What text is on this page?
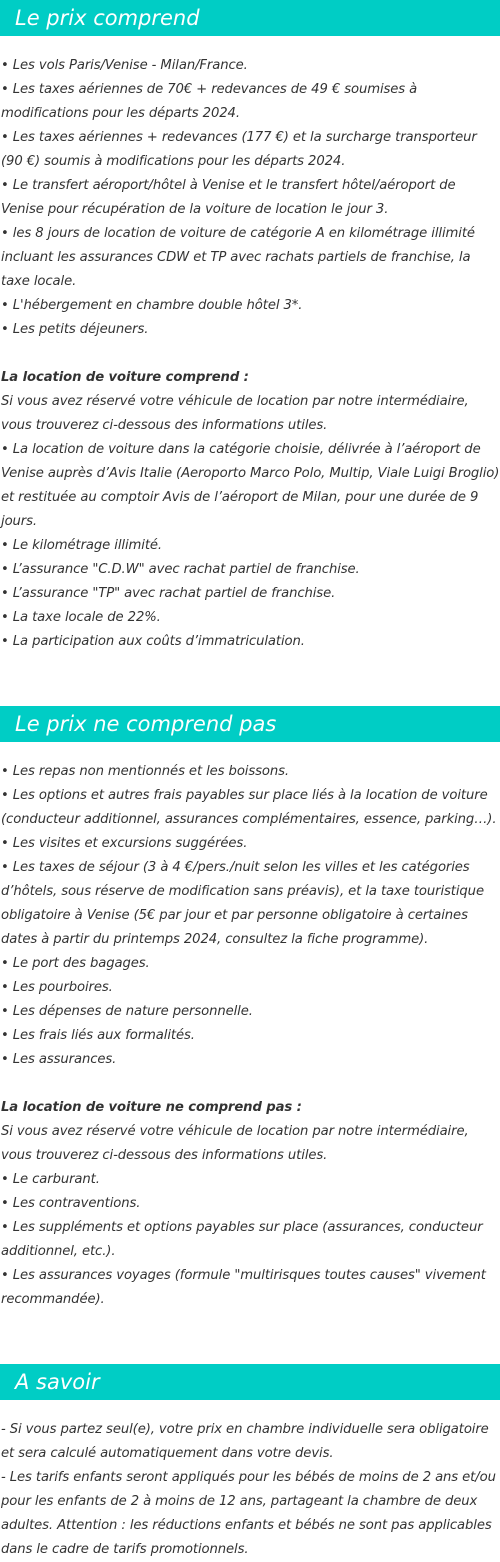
Le prix comprend
• Les vols Paris/Venise - Milan/France.
• Les taxes aériennes de 70€ + redevances de 49 € soumises à modifications pour les départs 2024.
• Les taxes aériennes + redevances (177 €) et la surcharge transporteur (90 €) soumis à modifications pour les départs 2024.
• Le transfert aéroport/hôtel à Venise et le transfert hôtel/aéroport de Venise pour récupération de la voiture de location le jour 3.
• les 8 jours de location de voiture de catégorie A en kilométrage illimité incluant les assurances CDW et TP avec rachats partiels de franchise, la taxe locale.
• L'hébergement en chambre double hôtel 3*.
• Les petits déjeuners.
La location de voiture comprend :
Si vous avez réservé votre véhicule de location par notre intermédiaire, vous trouverez ci-dessous des informations utiles.
• La location de voiture dans la catégorie choisie, délivrée à l’aéroport de Venise auprès d’Avis Italie (Aeroporto Marco Polo, Multip, Viale Luigi Broglio) et restituée au comptoir Avis de l’aéroport de Milan, pour une durée de 9 jours.
• Le kilométrage illimité.
• L’assurance "C.D.W" avec rachat partiel de franchise.
• L’assurance "TP" avec rachat partiel de franchise.
• La taxe locale de 22%.
• La participation aux coûts d’immatriculation.
Le prix ne comprend pas
• Les repas non mentionnés et les boissons.
• Les options et autres frais payables sur place liés à la location de voiture (conducteur additionnel, assurances complémentaires, essence, parking…).
• Les visites et excursions suggérées.
• Les taxes de séjour (3 à 4 €/pers./nuit selon les villes et les catégories d’hôtels, sous réserve de modification sans préavis), et la taxe touristique obligatoire à Venise (5€ par jour et par personne obligatoire à certaines dates à partir du printemps 2024, consultez la fiche programme).
• Le port des bagages.
• Les pourboires.
• Les dépenses de nature personnelle.
• Les frais liés aux formalités.
• Les assurances.
La location de voiture ne comprend pas :
Si vous avez réservé votre véhicule de location par notre intermédiaire, vous trouverez ci-dessous des informations utiles.
• Le carburant.
• Les contraventions.
• Les suppléments et options payables sur place (assurances, conducteur additionnel, etc.).
• Les assurances voyages (formule "multirisques toutes causes" vivement recommandée).
A savoir
- Si vous partez seul(e), votre prix en chambre individuelle sera obligatoire et sera calculé automatiquement dans votre devis.
- Les tarifs enfants seront appliqués pour les bébés de moins de 2 ans et/ou pour les enfants de 2 à moins de 12 ans, partageant la chambre de deux adultes. Attention : les réductions enfants et bébés ne sont pas applicables dans le cadre de tarifs promotionnels.
